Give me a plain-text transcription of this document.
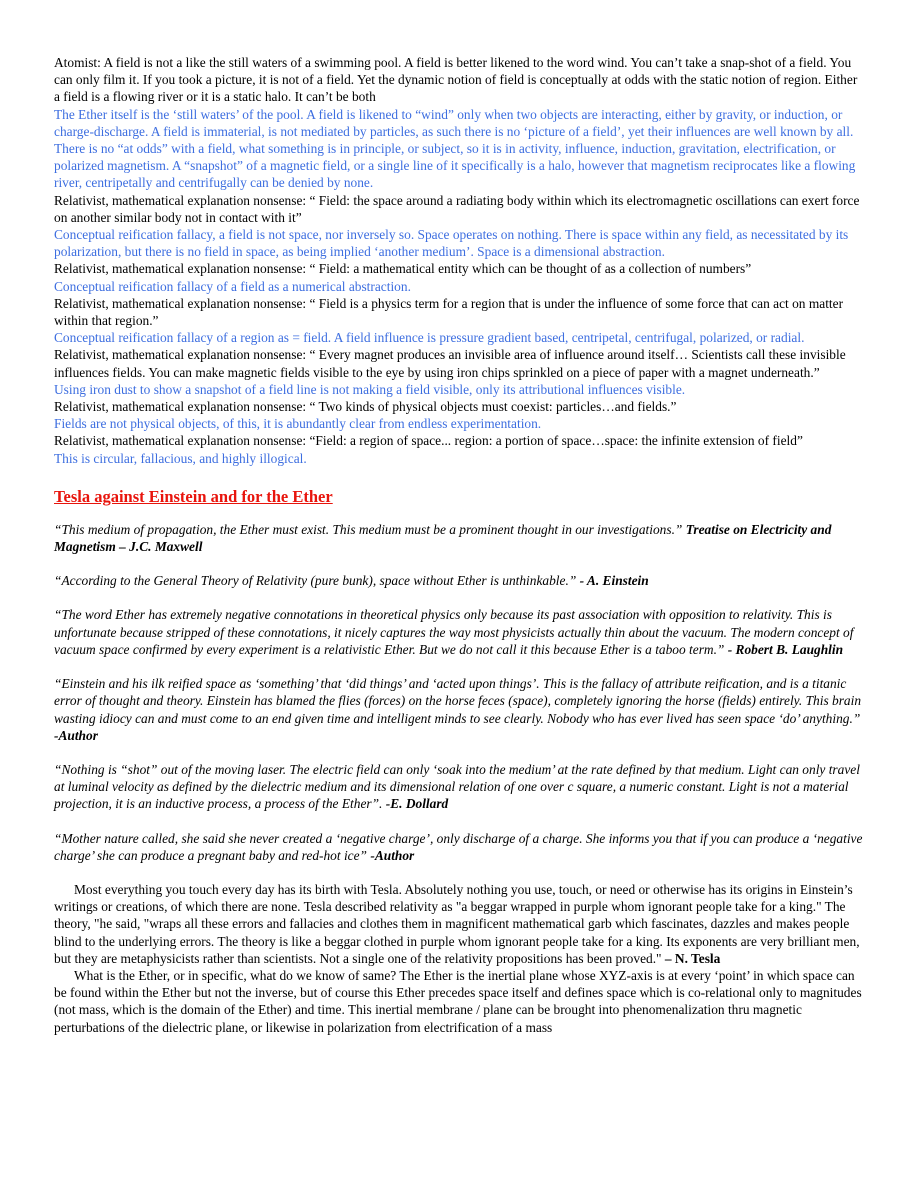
Atomist: A field is not a like the still waters of a swimming pool. A field is better likened to the word wind. You can’t take a snap-shot of a field. You can only film it. If you took a picture, it is not of a field. Yet the dynamic notion of field is conceptually at odds with the static notion of region. Either a field is a flowing river or it is a static halo. It can’t be both

The Ether itself is the ‘still waters’ of the pool. A field is likened to “wind” only when two objects are interacting, either by gravity, or induction, or charge-discharge. A field is immaterial, is not mediated by particles, as such there is no ‘picture of a field’, yet their influences are well known by all. There is no “at odds” with a field, what something is in principle, or subject, so it is in activity, influence, induction, gravitation, electrification, or polarized magnetism. A “snapshot” of a magnetic field, or a single line of it specifically is a halo, however that magnetism reciprocates like a flowing river, centripetally and centrifugally can be denied by none.

Relativist, mathematical explanation nonsense: “ Field: the space around a radiating body within which its electromagnetic oscillations can exert force on another similar body not in contact with it”

Conceptual reification fallacy, a field is not space, nor inversely so. Space operates on nothing. There is space within any field, as necessitated by its polarization, but there is no field in space, as being implied ‘another medium’. Space is a dimensional abstraction.

Relativist, mathematical explanation nonsense: “ Field: a mathematical entity which can be thought of as a collection of numbers”

Conceptual reification fallacy of a field as a numerical abstraction.

Relativist, mathematical explanation nonsense: “ Field is a physics term for a region that is under the influence of some force that can act on matter within that region.”

Conceptual reification fallacy of a region as = field. A field influence is pressure gradient based, centripetal, centrifugal, polarized, or radial.

Relativist, mathematical explanation nonsense: “ Every magnet produces an invisible area of influence around itself… Scientists call these invisible influences fields. You can make magnetic fields visible to the eye by using iron chips sprinkled on a piece of paper with a magnet underneath.”

Using iron dust to show a snapshot of a field line is not making a field visible, only its attributional influences visible.

Relativist, mathematical explanation nonsense: “ Two kinds of physical objects must coexist: particles…and fields.”

Fields are not physical objects, of this, it is abundantly clear from endless experimentation.

Relativist, mathematical explanation nonsense: “Field: a region of space... region: a portion of space…space: the infinite extension of field”

This is circular, fallacious, and highly illogical.

Tesla against Einstein and for the Ether

“This medium of propagation, the Ether must exist. This medium must be a prominent thought in our investigations.” Treatise on Electricity and Magnetism – J.C. Maxwell

“According to the General Theory of Relativity (pure bunk), space without Ether is unthinkable.” - A. Einstein

“The word Ether has extremely negative connotations in theoretical physics only because its past association with opposition to relativity. This is unfortunate because stripped of these connotations, it nicely captures the way most physicists actually thin about the vacuum. The modern concept of vacuum space confirmed by every experiment is a relativistic Ether. But we do not call it this because Ether is a taboo term.” - Robert B. Laughlin

“Einstein and his ilk reified space as ‘something’ that ‘did things’ and ‘acted upon things’. This is the fallacy of attribute reification, and is a titanic error of thought and theory. Einstein has blamed the flies (forces) on the horse feces (space), completely ignoring the horse (fields) entirely. This brain wasting idiocy can and must come to an end given time and intelligent minds to see clearly. Nobody who has ever lived has seen space ‘do’ anything.” -Author

“Nothing is “shot” out of the moving laser. The electric field can only ‘soak into the medium’ at the rate defined by that medium. Light can only travel at luminal velocity as defined by the dielectric medium and its dimensional relation of one over c square, a numeric constant. Light is not a material projection, it is an inductive process, a process of the Ether”. -E. Dollard

“Mother nature called, she said she never created a ‘negative charge’, only discharge of a charge. She informs you that if you can produce a ‘negative charge’ she can produce a pregnant baby and red-hot ice” -Author

Most everything you touch every day has its birth with Tesla. Absolutely nothing you use, touch, or need or otherwise has its origins in Einstein’s writings or creations, of which there are none. Tesla described relativity as "a beggar wrapped in purple whom ignorant people take for a king." The theory, "he said, "wraps all these errors and fallacies and clothes them in magnificent mathematical garb which fascinates, dazzles and makes people blind to the underlying errors. The theory is like a beggar clothed in purple whom ignorant people take for a king. Its exponents are very brilliant men, but they are metaphysicists rather than scientists. Not a single one of the relativity propositions has been proved." – N. Tesla

What is the Ether, or in specific, what do we know of same? The Ether is the inertial plane whose XYZ-axis is at every ‘point’ in which space can be found within the Ether but not the inverse, but of course this Ether precedes space itself and defines space which is co-relational only to magnitudes (not mass, which is the domain of the Ether) and time. This inertial membrane / plane can be brought into phenomenalization thru magnetic perturbations of the dielectric plane, or likewise in polarization from electrification of a mass
